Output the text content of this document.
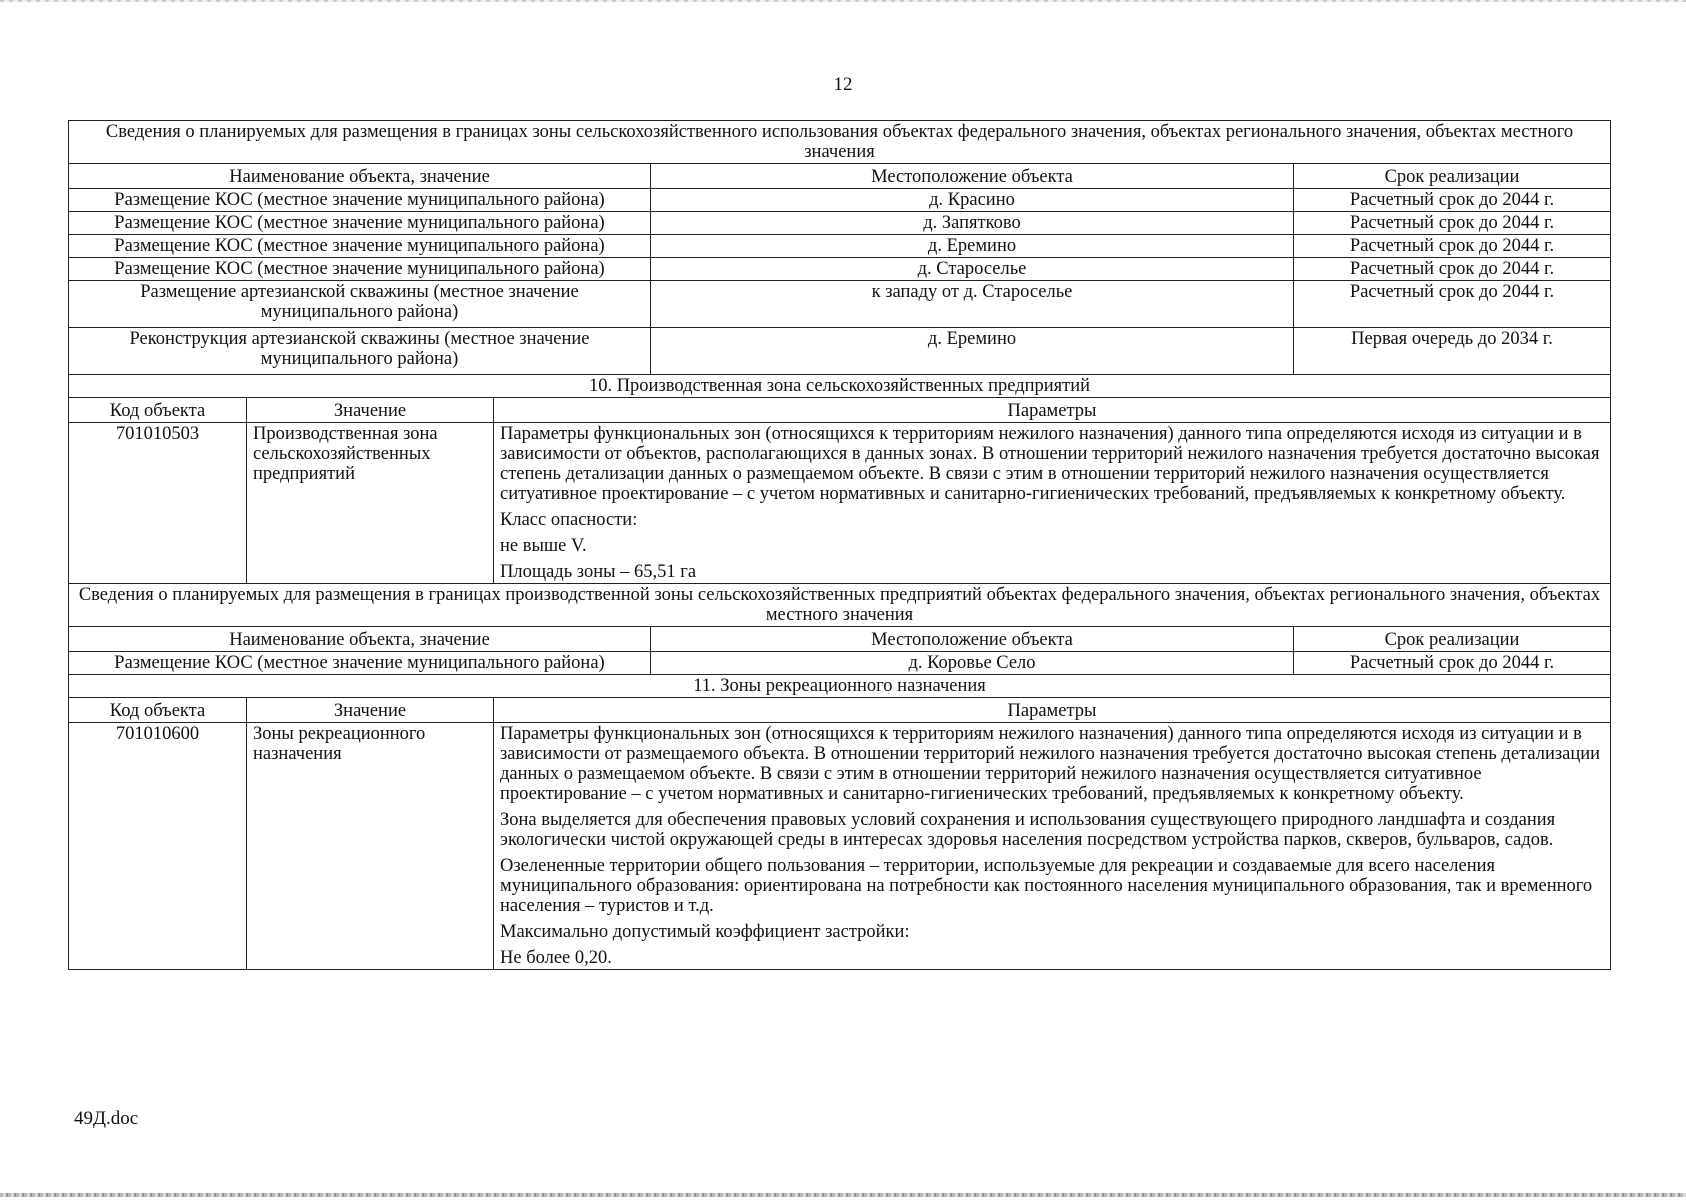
12
Сведения о планируемых для размещения в границах зоны сельскохозяйственного использования объектах федерального значения, объектах регионального значения, объектах местного значения				
Наименование объекта, значение			Местоположение объекта	Срок реализации
Размещение КОС (местное значение муниципального района)			д. Красино	Расчетный срок до 2044 г.
Размещение КОС (местное значение муниципального района)			д. Запятково	Расчетный срок до 2044 г.
Размещение КОС (местное значение муниципального района)			д. Еремино	Расчетный срок до 2044 г.
Размещение КОС (местное значение муниципального района)			д. Староселье	Расчетный срок до 2044 г.
Размещение артезианской скважины (местное значение муниципального района)			к западу от д. Староселье	Расчетный срок до 2044 г.
Реконструкция артезианской скважины (местное значение муниципального района)			д. Еремино	Первая очередь до 2034 г.
10. Производственная зона сельскохозяйственных предприятий				
Код объекта	Значение	Параметры		
701010503	Производственная зона сельскохозяйственных предприятий	Параметры функциональных зон (относящихся к территориям нежилого назначения) данного типа определяются исходя из ситуации и в зависимости от объектов, располагающихся в данных зонах. В отношении территорий нежилого назначения требуется достаточно высокая степень детализации данных о размещаемом объекте. В связи с этим в отношении территорий нежилого назначения осуществляется ситуативное проектирование – с учетом нормативных и санитарно-гигиенических требований, предъявляемых к конкретному объекту.

Класс опасности:

не выше V.

Площадь зоны – 65,51 га		

Сведения о планируемых для размещения в границах производственной зоны сельскохозяйственных предприятий объектах федерального значения, объектах регионального значения, объектах местного значения				
Наименование объекта, значение			Местоположение объекта	Срок реализации
Размещение КОС (местное значение муниципального района)			д. Коровье Село	Расчетный срок до 2044 г.
11. Зоны рекреационного назначения				
Код объекта	Значение	Параметры		
701010600	Зоны рекреационного назначения	Параметры функциональных зон (относящихся к территориям нежилого назначения) данного типа определяются исходя из ситуации и в зависимости от размещаемого объекта. В отношении территорий нежилого назначения требуется достаточно высокая степень детализации данных о размещаемом объекте. В связи с этим в отношении территорий нежилого назначения осуществляется ситуативное проектирование – с учетом нормативных и санитарно-гигиенических требований, предъявляемых к конкретному объекту.

Зона выделяется для обеспечения правовых условий сохранения и использования существующего природного ландшафта и создания экологически чистой окружающей среды в интересах здоровья населения посредством устройства парков, скверов, бульваров, садов.

Озелененные территории общего пользования – территории, используемые для рекреации и создаваемые для всего населения муниципального образования: ориентирована на потребности как постоянного населения муниципального образования, так и временного населения – туристов и т.д.

Максимально допустимый коэффициент застройки:

Не более 0,20.		

49Д.doc
